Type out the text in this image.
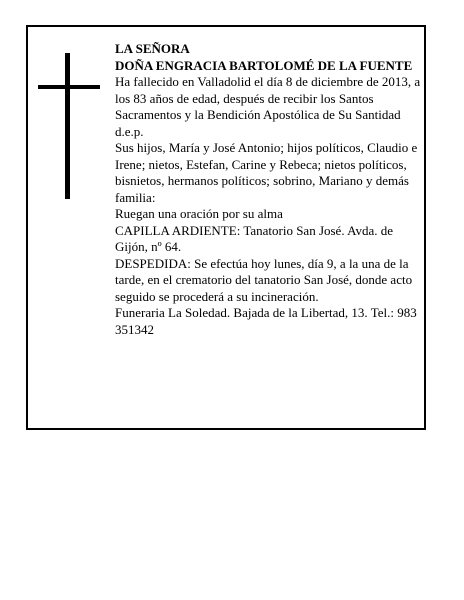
LA SEÑORA
DOÑA ENGRACIA BARTOLOMÉ DE LA FUENTE
Ha fallecido en Valladolid el día 8 de diciembre de 2013, a los 83 años de edad, después de recibir los Santos Sacramentos y la Bendición Apostólica de Su Santidad
d.e.p.
Sus hijos, María y José Antonio; hijos políticos, Claudio e Irene; nietos, Estefan, Carine y Rebeca; nietos políticos, bisnietos, hermanos políticos; sobrino, Mariano y demás familia:
Ruegan una oración por su alma
CAPILLA ARDIENTE: Tanatorio San José. Avda. de Gijón, nº 64.
DESPEDIDA: Se efectúa hoy lunes, día 9, a la una de la tarde, en el crematorio del tanatorio San José, donde acto seguido se procederá a su incineración.
Funeraria La Soledad. Bajada de la Libertad, 13. Tel.: 983 351342
